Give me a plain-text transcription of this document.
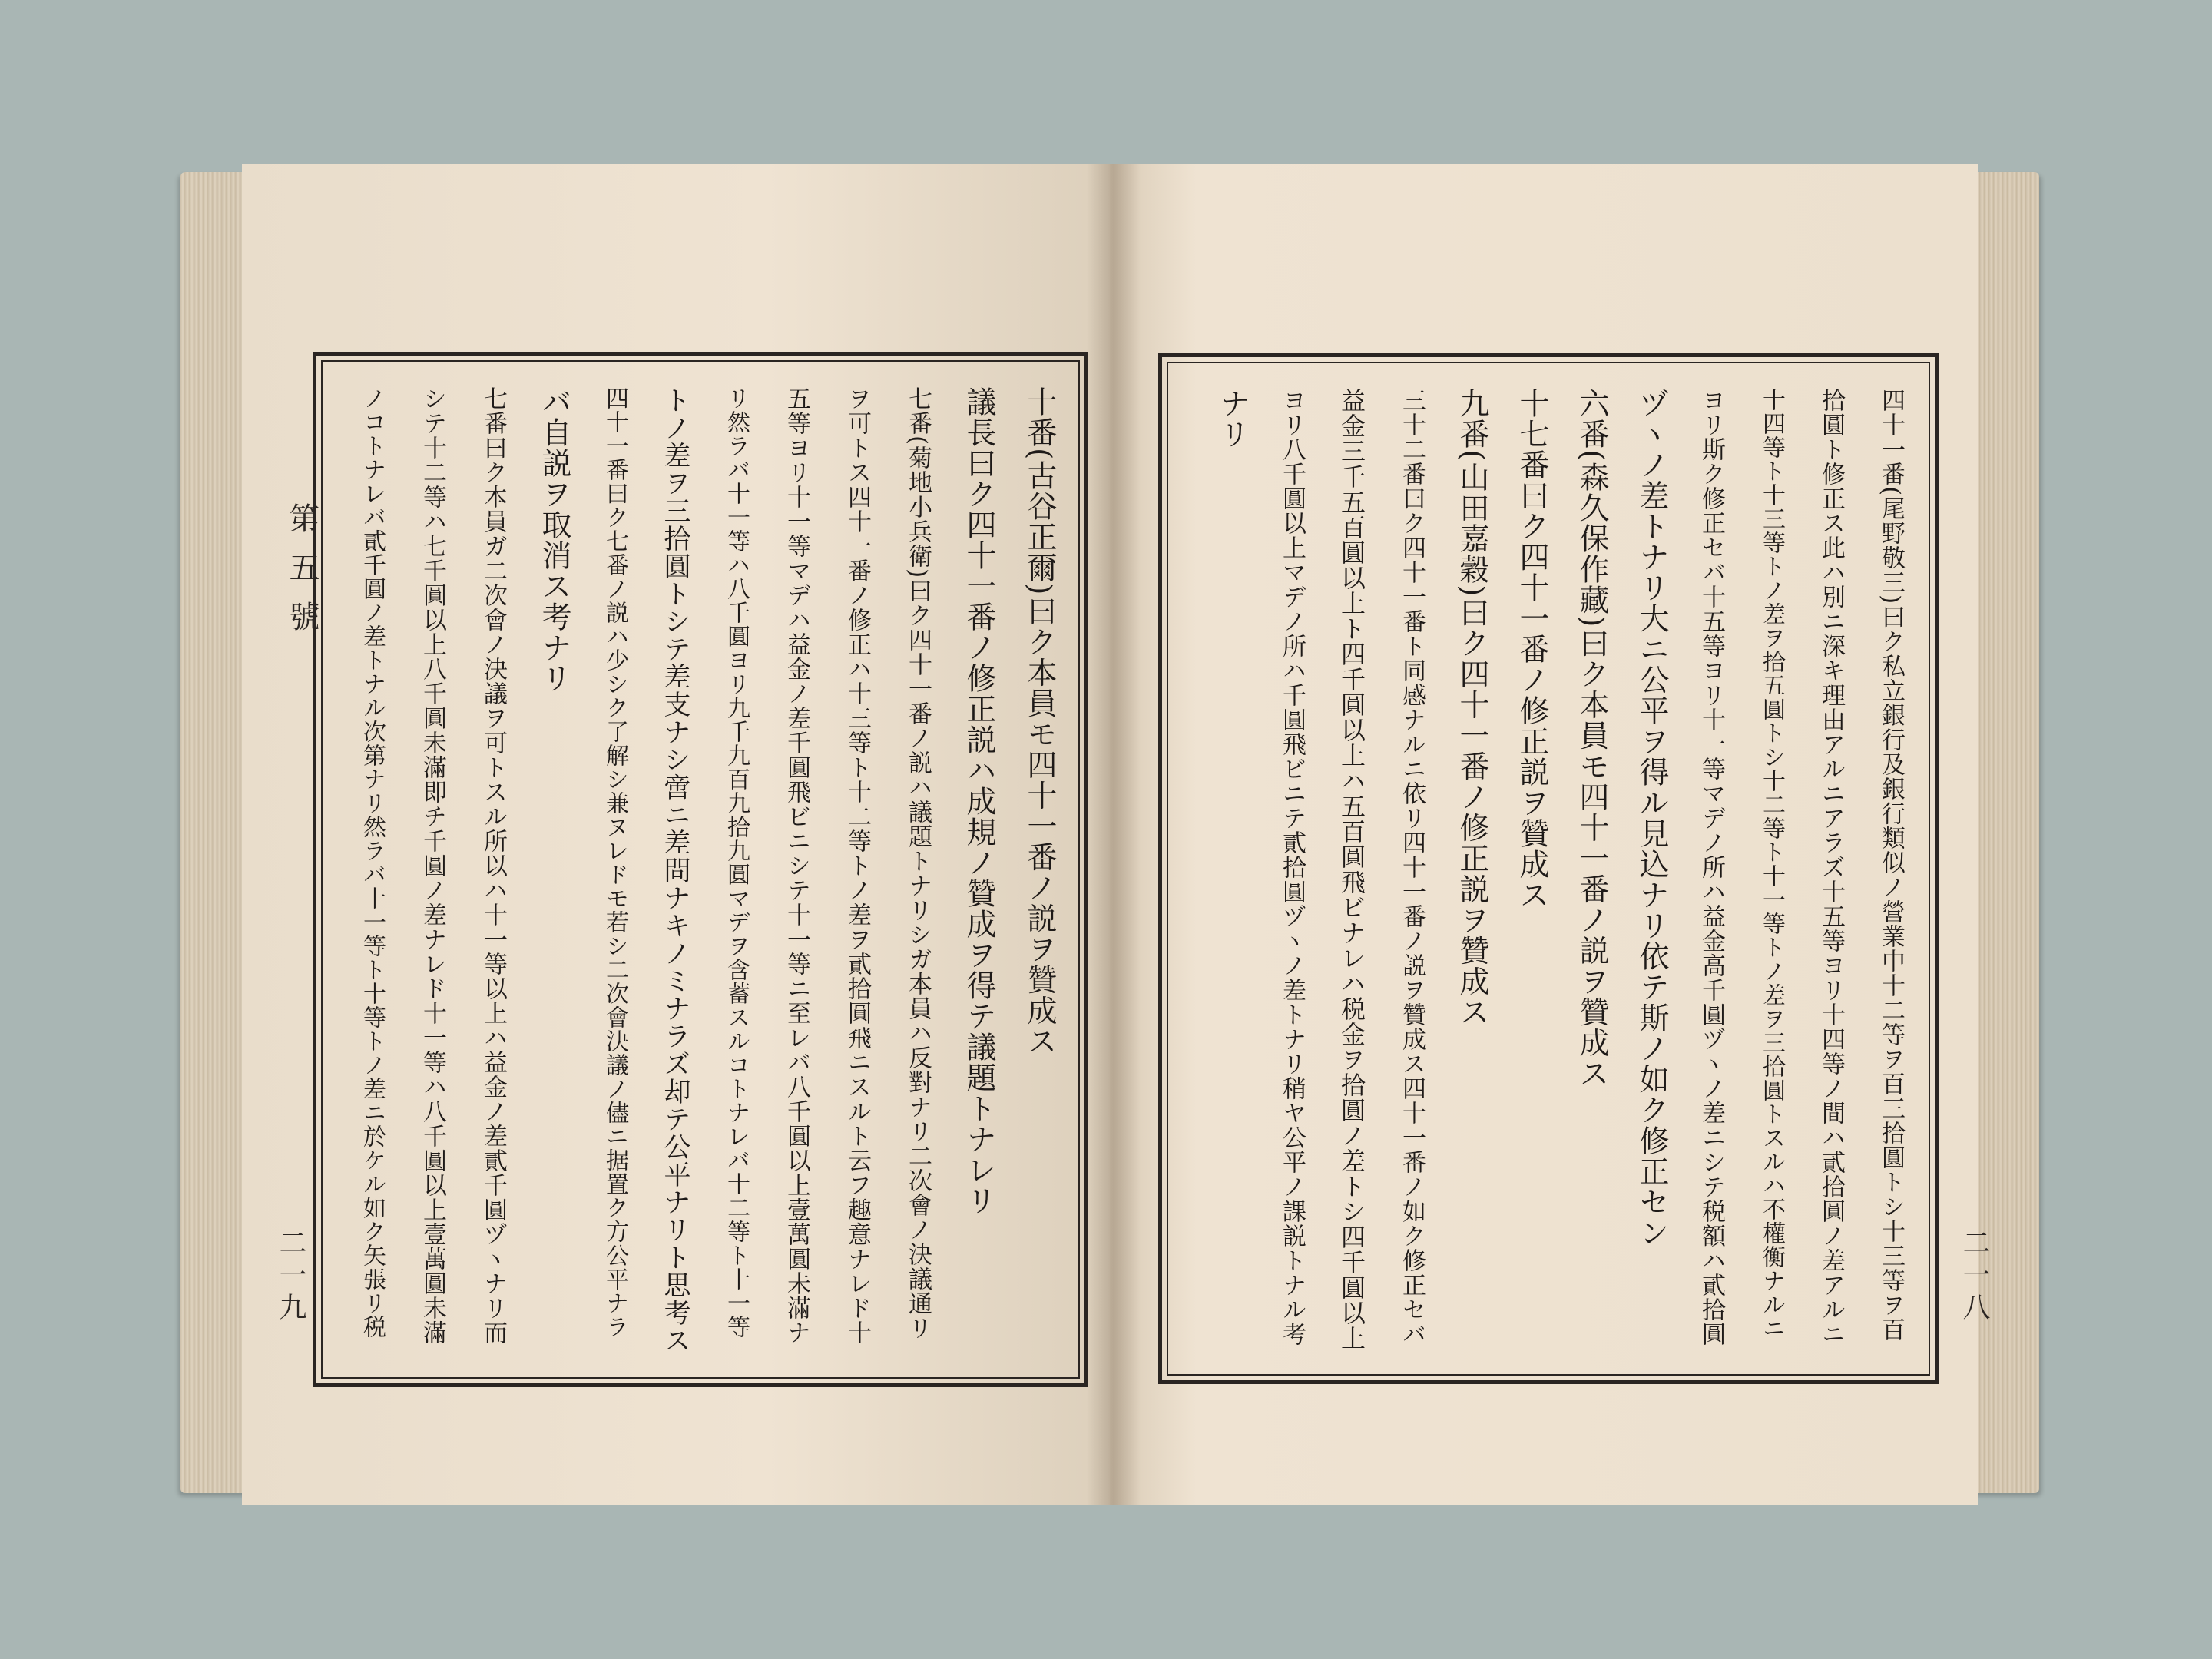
十番(古谷正爾)曰ク本員モ四十一番ノ説ヲ贊成ス
議長曰ク四十一番ノ修正説ハ成規ノ贊成ヲ得テ議題トナレリ
七番(菊地小兵衛)曰ク四十一番ノ説ハ議題トナリシガ本員ハ反對ナリ二次會ノ決議通リ
ヲ可トス四十一番ノ修正ハ十三等ト十二等トノ差ヲ貳拾圓飛ニスルト云フ趣意ナレド十
五等ヨリ十一等マデハ益金ノ差千圓飛ビニシテ十一等ニ至レバ八千圓以上壹萬圓未滿ナ
リ然ラバ十一等ハ八千圓ヨリ九千九百九拾九圓マデヲ含蓄スルコトナレバ十二等ト十一等
トノ差ヲ三拾圓トシテ差支ナシ啻ニ差問ナキノミナラズ却テ公平ナリト思考ス
四十一番曰ク七番ノ説ハ少シク了解シ兼ヌレドモ若シ二次會決議ノ儘ニ据置ク方公平ナラ
バ自説ヲ取消ス考ナリ
七番曰ク本員ガ二次會ノ決議ヲ可トスル所以ハ十一等以上ハ益金ノ差貳千圓ヅヽナリ而
シテ十二等ハ七千圓以上八千圓未滿即チ千圓ノ差ナレド十一等ハ八千圓以上壹萬圓未滿
ノコトナレバ貳千圓ノ差トナル次第ナリ然ラバ十一等ト十等トノ差ニ於ケル如ク矢張リ税
第五號
二一九	四十一番(尾野敬三)曰ク私立銀行及銀行類似ノ營業中十二等ヲ百三拾圓トシ十三等ヲ百
拾圓ト修正ス此ハ別ニ深キ理由アルニアラズ十五等ヨリ十四等ノ間ハ貳拾圓ノ差アルニ
十四等ト十三等トノ差ヲ拾五圓トシ十二等ト十一等トノ差ヲ三拾圓トスルハ不權衡ナルニ
ヨリ斯ク修正セバ十五等ヨリ十一等マデノ所ハ益金高千圓ヅヽノ差ニシテ税額ハ貳拾圓
ヅヽノ差トナリ大ニ公平ヲ得ル見込ナリ依テ斯ノ如ク修正セン
六番(森久保作藏)曰ク本員モ四十一番ノ説ヲ贊成ス
十七番曰ク四十一番ノ修正説ヲ贊成ス
九番(山田嘉穀)曰ク四十一番ノ修正説ヲ贊成ス
三十二番曰ク四十一番ト同感ナルニ依リ四十一番ノ説ヲ贊成ス四十一番ノ如ク修正セバ
益金三千五百圓以上ト四千圓以上ハ五百圓飛ビナレハ税金ヲ拾圓ノ差トシ四千圓以上
ヨリ八千圓以上マデノ所ハ千圓飛ビニテ貳拾圓ヅヽノ差トナリ稍ヤ公平ノ課説トナル考
ナリ
二一八
